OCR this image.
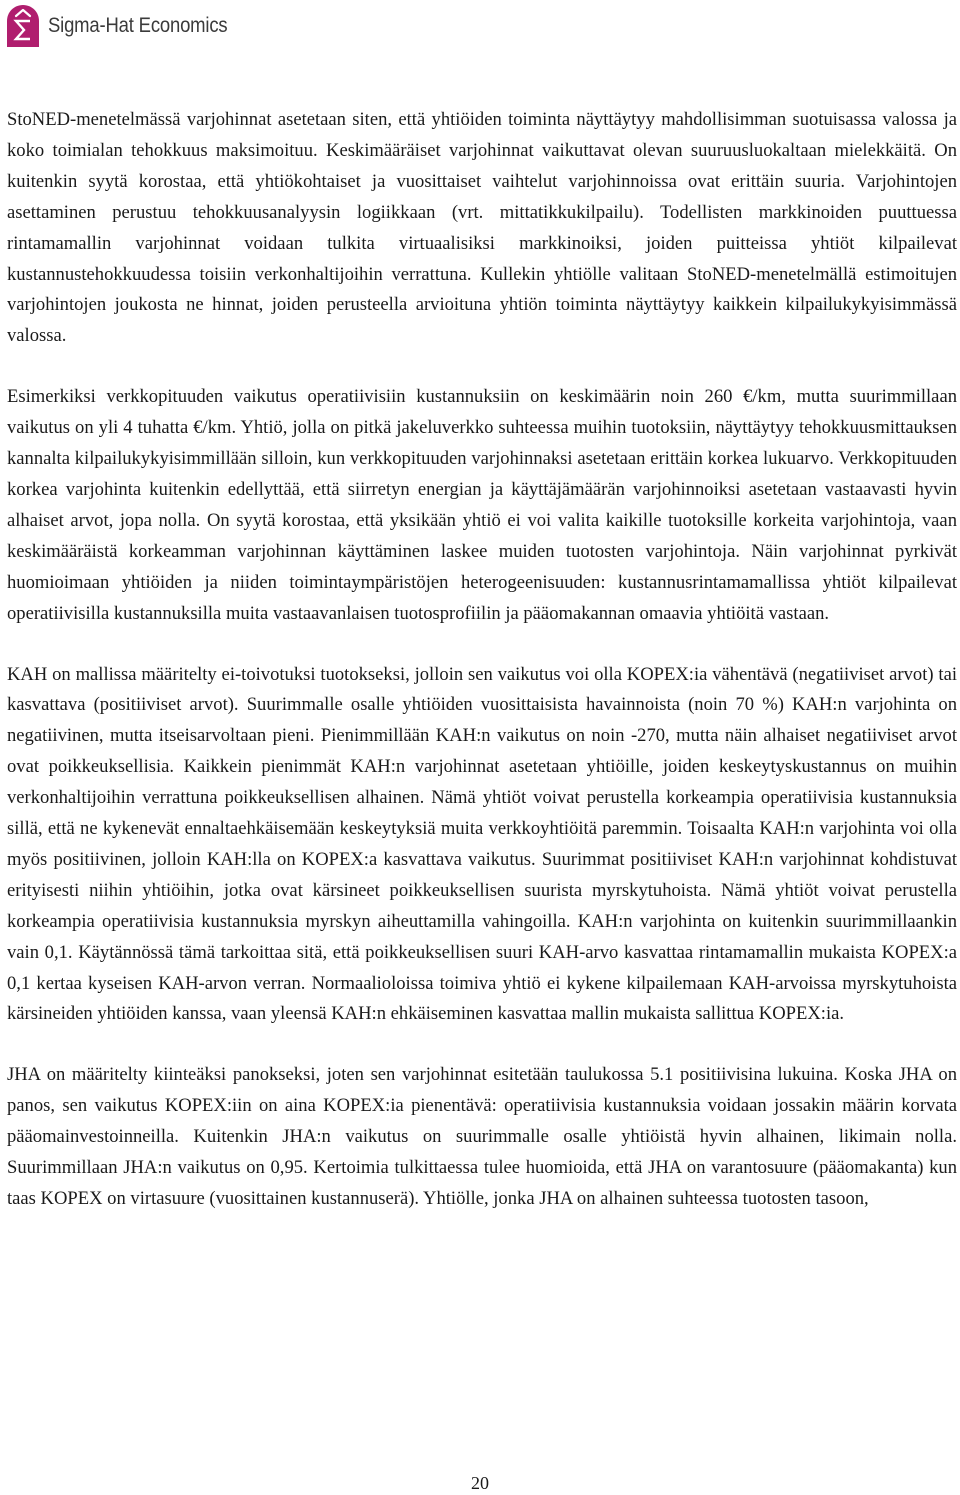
Sigma-Hat Economics

StoNED-menetelmässä varjohinnat asetetaan siten, että yhtiöiden toiminta näyttäytyy mahdollisimman suotuisassa valossa ja koko toimialan tehokkuus maksimoituu. Keskimääräiset varjohinnat vaikuttavat olevan suuruusluokaltaan mielekkäitä. On kuitenkin syytä korostaa, että yhtiökohtaiset ja vuosittaiset vaihtelut varjohinnoissa ovat erittäin suuria. Varjohintojen asettaminen perustuu tehokkuusanalyysin logiikkaan (vrt. mittatikkukilpailu). Todellisten markkinoiden puuttuessa rintamamallin varjohinnat voidaan tulkita virtuaalisiksi markkinoiksi, joiden puitteissa yhtiöt kilpailevat kustannustehokkuudessa toisiin verkonhaltijoihin verrattuna. Kullekin yhtiölle valitaan StoNED-menetelmällä estimoitujen varjohintojen joukosta ne hinnat, joiden perusteella arvioituna yhtiön toiminta näyttäytyy kaikkein kilpailukykyisimmässä valossa.

Esimerkiksi verkkopituuden vaikutus operatiivisiin kustannuksiin on keskimäärin noin 260 €/km, mutta suurimmillaan vaikutus on yli 4 tuhatta €/km. Yhtiö, jolla on pitkä jakeluverkko suhteessa muihin tuotoksiin, näyttäytyy tehokkuusmittauksen kannalta kilpailukykyisimmillään silloin, kun verkkopituuden varjohinnaksi asetetaan erittäin korkea lukuarvo. Verkkopituuden korkea varjohinta kuitenkin edellyttää, että siirretyn energian ja käyttäjämäärän varjohinnoiksi asetetaan vastaavasti hyvin alhaiset arvot, jopa nolla. On syytä korostaa, että yksikään yhtiö ei voi valita kaikille tuotoksille korkeita varjohintoja, vaan keskimääräistä korkeamman varjohinnan käyttäminen laskee muiden tuotosten varjohintoja. Näin varjohinnat pyrkivät huomioimaan yhtiöiden ja niiden toimintaympäristöjen heterogeenisuuden: kustannusrintamamallissa yhtiöt kilpailevat operatiivisilla kustannuksilla muita vastaavanlaisen tuotosprofiilin ja pääomakannan omaavia yhtiöitä vastaan.

KAH on mallissa määritelty ei-toivotuksi tuotokseksi, jolloin sen vaikutus voi olla KOPEX:ia vähentävä (negatiiviset arvot) tai kasvattava (positiiviset arvot). Suurimmalle osalle yhtiöiden vuosittaisista havainnoista (noin 70 %) KAH:n varjohinta on negatiivinen, mutta itseisarvoltaan pieni. Pienimmillään KAH:n vaikutus on noin -270, mutta näin alhaiset negatiiviset arvot ovat poikkeuksellisia. Kaikkein pienimmät KAH:n varjohinnat asetetaan yhtiöille, joiden keskeytyskustannus on muihin verkonhaltijoihin verrattuna poikkeuksellisen alhainen. Nämä yhtiöt voivat perustella korkeampia operatiivisia kustannuksia sillä, että ne kykenevät ennaltaehkäisemään keskeytyksiä muita verkkoyhtiöitä paremmin. Toisaalta KAH:n varjohinta voi olla myös positiivinen, jolloin KAH:lla on KOPEX:a kasvattava vaikutus. Suurimmat positiiviset KAH:n varjohinnat kohdistuvat erityisesti niihin yhtiöihin, jotka ovat kärsineet poikkeuksellisen suurista myrskytuhoista. Nämä yhtiöt voivat perustella korkeampia operatiivisia kustannuksia myrskyn aiheuttamilla vahingoilla. KAH:n varjohinta on kuitenkin suurimmillaankin vain 0,1. Käytännössä tämä tarkoittaa sitä, että poikkeuksellisen suuri KAH-arvo kasvattaa rintamamallin mukaista KOPEX:a 0,1 kertaa kyseisen KAH-arvon verran. Normaalioloissa toimiva yhtiö ei kykene kilpailemaan KAH-arvoissa myrskytuhoista kärsineiden yhtiöiden kanssa, vaan yleensä KAH:n ehkäiseminen kasvattaa mallin mukaista sallittua KOPEX:ia.

JHA on määritelty kiinteäksi panokseksi, joten sen varjohinnat esitetään taulukossa 5.1 positiivisina lukuina. Koska JHA on panos, sen vaikutus KOPEX:iin on aina KOPEX:ia pienentävä: operatiivisia kustannuksia voidaan jossakin määrin korvata pääomainvestoinneilla. Kuitenkin JHA:n vaikutus on suurimmalle osalle yhtiöistä hyvin alhainen, likimain nolla. Suurimmillaan JHA:n vaikutus on 0,95. Kertoimia tulkittaessa tulee huomioida, että JHA on varantosuure (pääomakanta) kun taas KOPEX on virtasuure (vuosittainen kustannuserä). Yhtiölle, jonka JHA on alhainen suhteessa tuotosten tasoon,

20
